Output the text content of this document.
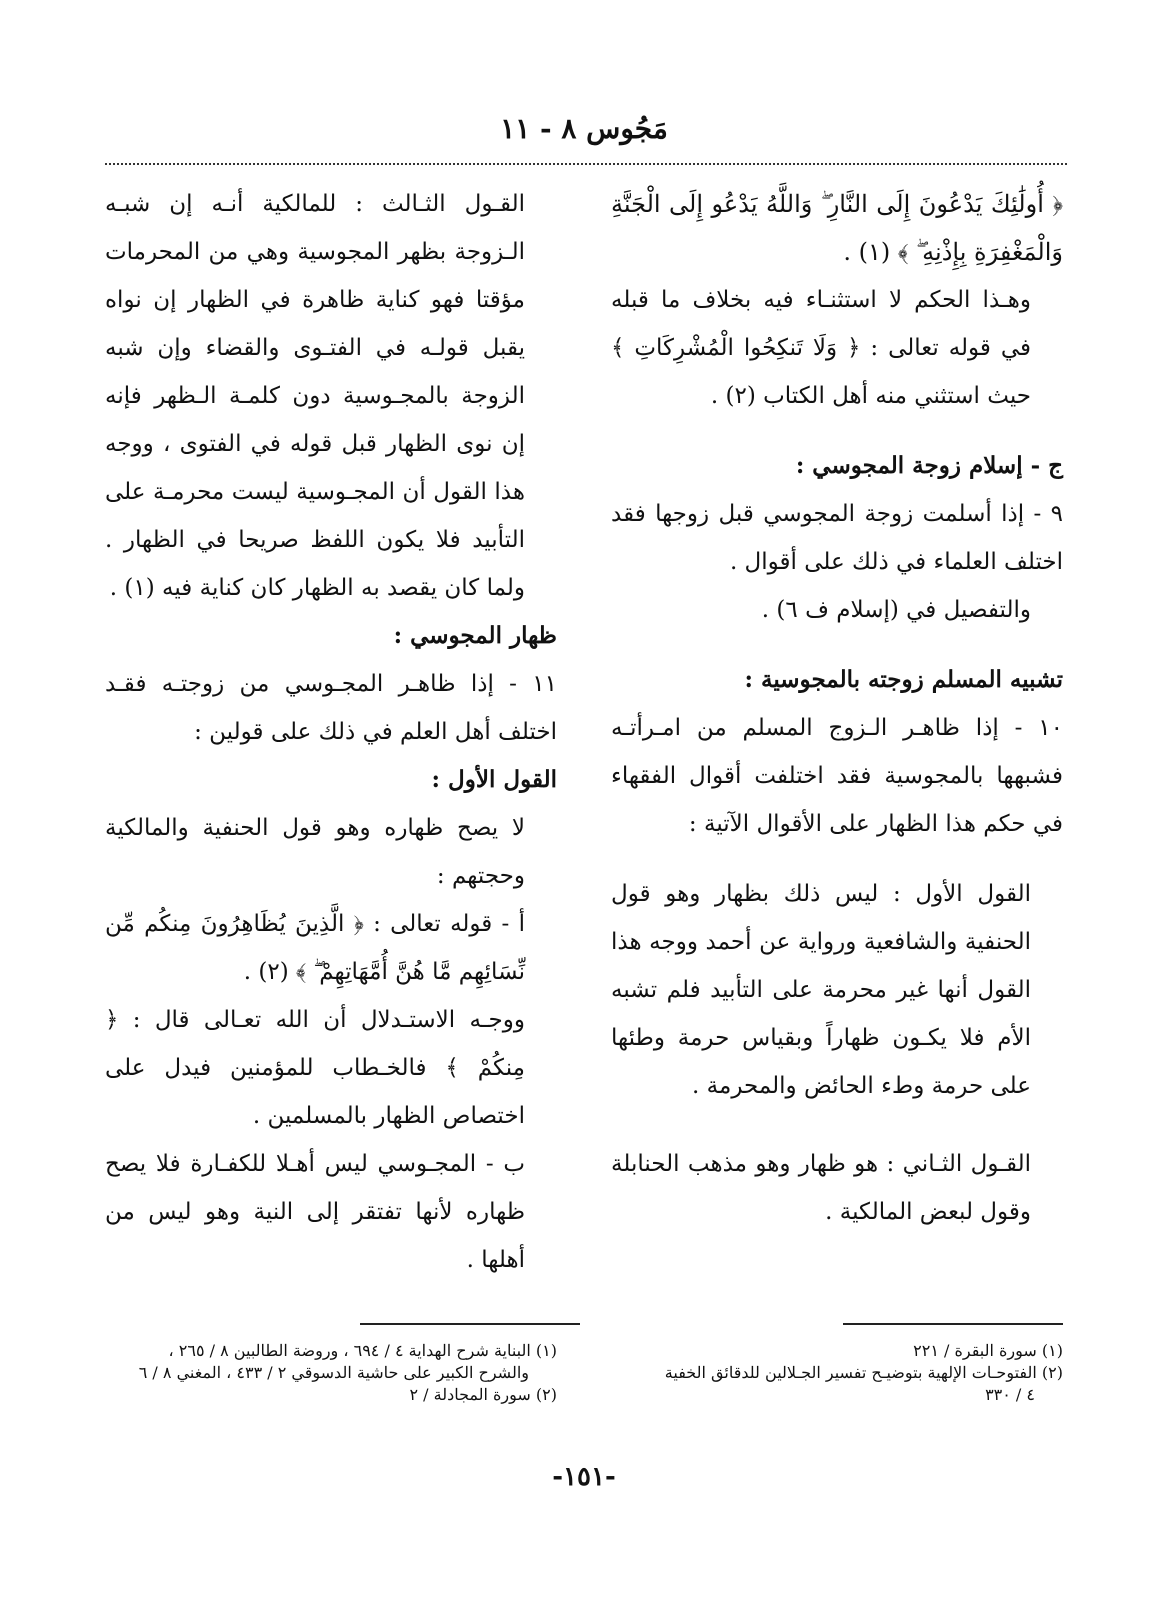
مَجُوس ٨ - ١١

﴿ أُولَٰئِكَ يَدْعُونَ إِلَى النَّارِ ۖ وَاللَّهُ يَدْعُو إِلَى الْجَنَّةِ وَالْمَغْفِرَةِ بِإِذْنِهِ ۖ ﴾ (١) .

وهـذا الحكم لا استثنـاء فيه بخلاف ما قبله في قوله تعالى : ﴿ وَلَا تَنكِحُوا الْمُشْرِكَاتِ ﴾ حيث استثني منه أهل الكتاب (٢) .

ج - إسلام زوجة المجوسي :

٩ - إذا أسلمت زوجة المجوسي قبل زوجها فقد اختلف العلماء في ذلك على أقوال .

والتفصيل في (إسلام ف ٦) .

تشبيه المسلم زوجته بالمجوسية :

١٠ - إذا ظاهـر الـزوج المسلم من امـرأتـه فشبهها بالمجوسية فقد اختلفت أقوال الفقهاء في حكم هذا الظهار على الأقوال الآتية :

القول الأول : ليس ذلك بظهار وهو قول الحنفية والشافعية ورواية عن أحمد ووجه هذا القول أنها غير محرمة على التأبيد فلم تشبه الأم فلا يكـون ظهاراً وبقياس حرمة وطئها على حرمة وطء الحائض والمحرمة .

القـول الثـاني : هو ظهار وهو مذهب الحنابلة وقول لبعض المالكية .

القـول الثـالث : للمالكية أنـه إن شبـه الـزوجة بظهر المجوسية وهي من المحرمات مؤقتا فهو كناية ظاهرة في الظهار إن نواه يقبل قولـه في الفتـوى والقضاء وإن شبه الزوجة بالمجـوسية دون كلمـة الـظهر فإنه إن نوى الظهار قبل قوله في الفتوى ، ووجه هذا القول أن المجـوسية ليست محرمـة على التأبيد فلا يكون اللفظ صريحا في الظهار . ولما كان يقصد به الظهار كان كناية فيه (١) .

ظهار المجوسي :

١١ - إذا ظاهـر المجـوسي من زوجتـه فقـد اختلف أهل العلم في ذلك على قولين :

القول الأول :

لا يصح ظهاره وهو قول الحنفية والمالكية وحجتهم :

أ - قوله تعالى : ﴿ الَّذِينَ يُظَاهِرُونَ مِنكُم مِّن نِّسَائِهِم مَّا هُنَّ أُمَّهَاتِهِمْ ۖ ﴾ (٢) .

ووجـه الاستـدلال أن الله تعـالى قال : ﴿ مِنكُمْ ﴾ فالخـطاب للمؤمنين فيدل على اختصاص الظهار بالمسلمين .

ب - المجـوسي ليس أهـلا للكفـارة فلا يصح ظهاره لأنها تفتقر إلى النية وهو ليس من أهلها .

(١) سورة البقرة / ٢٢١

(٢) الفتوحـات الإلهية بتوضيـح تفسير الجـلالين للدقائق الخفية

٤ / ٣٣٠

(١) البناية شرح الهداية ٤ / ٦٩٤ ، وروضة الطالبين ٨ / ٢٦٥ ،

والشرح الكبير على حاشية الدسوقي ٢ / ٤٣٣ ، المغني ٨ / ٦

(٢) سورة المجادلة / ٢

-١٥١-
